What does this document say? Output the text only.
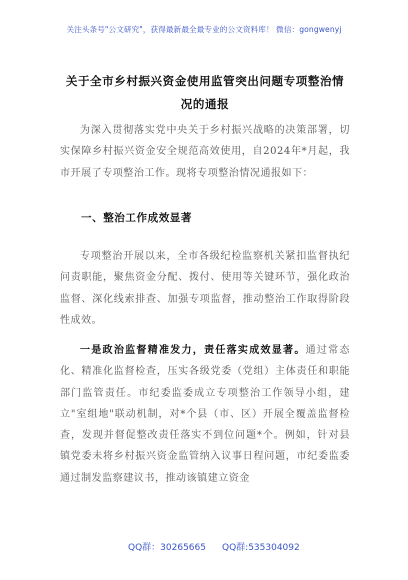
关注头条号"公文研究"，获得最新最全最专业的公文资料库！ 微信：gongwenyj
关于全市乡村振兴资金使用监管突出问题专项整治情况的通报
为深入贯彻落实党中央关于乡村振兴战略的决策部署，切实保障乡村振兴资金安全规范高效使用，自2024年*月起，我市开展了专项整治工作。现将专项整治情况通报如下：
一、整治工作成效显著
专项整治开展以来，全市各级纪检监察机关紧扣监督执纪问责职能，聚焦资金分配、拨付、使用等关键环节，强化政治监督、深化线索排查、加强专项监督，推动整治工作取得阶段性成效。
一是政治监督精准发力，责任落实成效显著。通过常态化、精准化监督检查，压实各级党委（党组）主体责任和职能部门监管责任。市纪委监委成立专项整治工作领导小组，建立"室组地"联动机制，对*个县（市、区）开展全覆盖监督检查，发现并督促整改责任落实不到位问题*个。例如，针对县镇党委未将乡村振兴资金监管纳入议事日程问题，市纪委监委通过制发监察建议书，推动该镇建立资金
QQ群：30265665 QQ群:535304092
